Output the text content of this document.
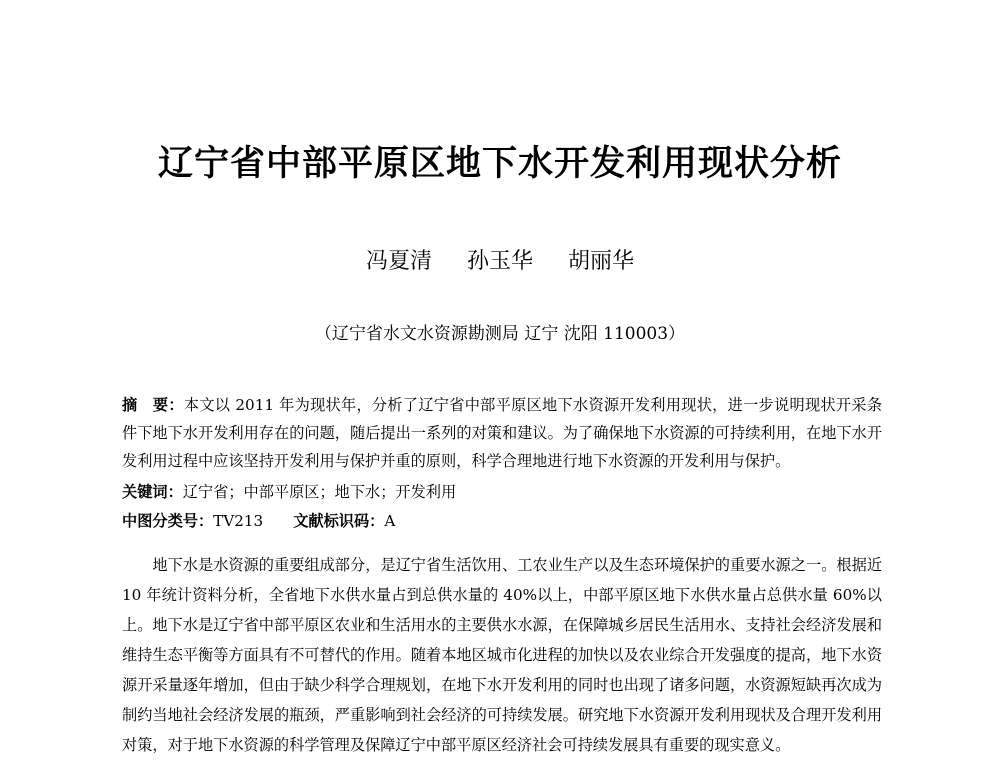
辽宁省中部平原区地下水开发利用现状分析
冯夏清 孙玉华 胡丽华
（辽宁省水文水资源勘测局 辽宁 沈阳 110003）
摘　要：本文以 2011 年为现状年，分析了辽宁省中部平原区地下水资源开发利用现状，进一步说明现状开采条件下地下水开发利用存在的问题，随后提出一系列的对策和建议。为了确保地下水资源的可持续利用，在地下水开发利用过程中应该坚持开发利用与保护并重的原则，科学合理地进行地下水资源的开发利用与保护。
关键词：辽宁省；中部平原区；地下水；开发利用
中图分类号：TV213 文献标识码：A
地下水是水资源的重要组成部分，是辽宁省生活饮用、工农业生产以及生态环境保护的重要水源之一。根据近 10 年统计资料分析，全省地下水供水量占到总供水量的 40%以上，中部平原区地下水供水量占总供水量 60%以上。地下水是辽宁省中部平原区农业和生活用水的主要供水水源，在保障城乡居民生活用水、支持社会经济发展和维持生态平衡等方面具有不可替代的作用。随着本地区城市化进程的加快以及农业综合开发强度的提高，地下水资源开采量逐年增加，但由于缺少科学合理规划，在地下水开发利用的同时也出现了诸多问题，水资源短缺再次成为制约当地社会经济发展的瓶颈，严重影响到社会经济的可持续发展。研究地下水资源开发利用现状及合理开发利用对策，对于地下水资源的科学管理及保障辽宁中部平原区经济社会可持续发展具有重要的现实意义。
